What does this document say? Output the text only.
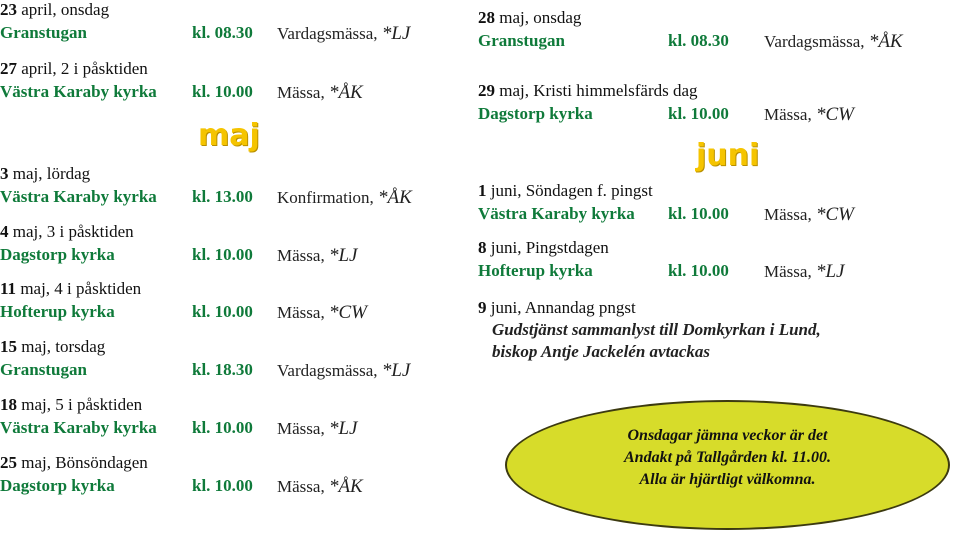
maj
23 april, onsdag
Granstugan	kl. 08.30 Vardagsmässa, *LJ
27 april, 2 i påsktiden
Västra Karaby kyrka kl. 10.00 Mässa, *ÅK
3 maj, lördag
Västra Karaby kyrka kl. 13.00 Konfirmation, *ÅK
4 maj, 3 i påsktiden
Dagstorp kyrka	kl. 10.00 Mässa, *LJ
11 maj, 4 i påsktiden
Hofterup kyrka	kl. 10.00 Mässa, *CW
15 maj, torsdag
Granstugan	kl. 18.30 Vardagsmässa, *LJ
18 maj, 5 i påsktiden
Västra Karaby kyrka kl. 10.00 Mässa, *LJ
25 maj, Bönsöndagen
Dagstorp kyrka	kl. 10.00 Mässa, *ÅK
juni
9 juni, Annandag pngst
Gudstjänst sammanlyst till Domkyrkan i Lund,
biskop Antje Jackelén avtackas
28 maj, onsdag
Granstugan	kl. 08.30 Vardagsmässa, *ÅK
29 maj, Kristi himmelsfärds dag
Dagstorp kyrka	kl. 10.00 Mässa, *CW
1 juni, Söndagen f. pingst
Västra Karaby kyrka kl. 10.00 Mässa, *CW
8 juni, Pingstdagen
Hofterup kyrka	kl. 10.00 Mässa, *LJ
Onsdagar jämna veckor är det
Andakt på Tallgården kl. 11.00.
Alla är hjärtligt välkomna.
